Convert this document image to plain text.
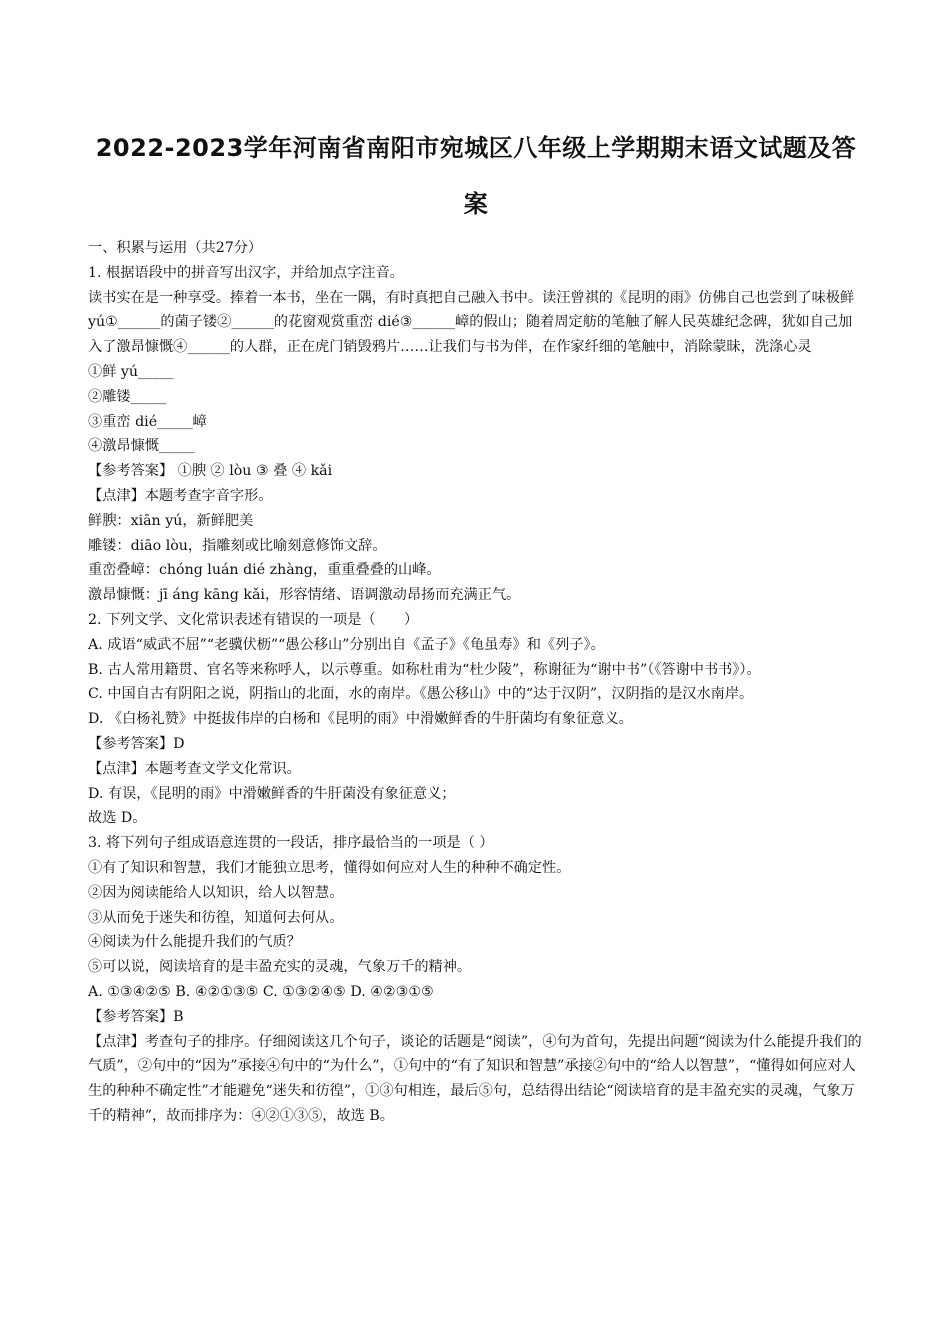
2022-2023学年河南省南阳市宛城区八年级上学期期末语文试题及答案

一、积累与运用（共27分）

1. 根据语段中的拼音写出汉字，并给加点字注音。

读书实在是一种享受。捧着一本书，坐在一隅，有时真把自己融入书中。读汪曾祺的《昆明的雨》仿佛自己也尝到了味极鲜 yú①______的菌子镂②______的花窗观赏重峦 dié③______嶂的假山；随着周定舫的笔触了解人民英雄纪念碑，犹如自己加入了激昂慷慨④______的人群，正在虎门销毁鸦片……让我们与书为伴，在作家纤细的笔触中，消除蒙昧，洗涤心灵

①鲜 yú_____

②雕镂_____

③重峦 dié_____嶂

④激昂慷慨_____

【参考答案】 ①腴 ② lòu ③ 叠 ④ kǎi

【点津】本题考查字音字形。

鲜腴：xiān yú，新鲜肥美

雕镂：diāo lòu，指雕刻或比喻刻意修饰文辞。

重峦叠嶂：chóng luán dié zhàng，重重叠叠的山峰。

激昂慷慨：jī áng kāng kǎi，形容情绪、语调激动昂扬而充满正气。

2. 下列文学、文化常识表述有错误的一项是（　　）

A. 成语“威武不屈”“老骥伏枥”“愚公移山”分别出自《孟子》《龟虽寿》和《列子》。

B. 古人常用籍贯、官名等来称呼人，以示尊重。如称杜甫为“杜少陵”，称谢征为“谢中书”（《答谢中书书》）。

C. 中国自古有阴阳之说，阴指山的北面，水的南岸。《愚公移山》中的“达于汉阴”，汉阴指的是汉水南岸。

D. 《白杨礼赞》中挺拔伟岸的白杨和《昆明的雨》中滑嫩鲜香的牛肝菌均有象征意义。

【参考答案】D

【点津】本题考查文学文化常识。

D. 有误，《昆明的雨》中滑嫩鲜香的牛肝菌没有象征意义；

故选 D。

3. 将下列句子组成语意连贯的一段话，排序最恰当的一项是（ ）

①有了知识和智慧，我们才能独立思考，懂得如何应对人生的种种不确定性。

②因为阅读能给人以知识，给人以智慧。

③从而免于迷失和彷徨，知道何去何从。

④阅读为什么能提升我们的气质？

⑤可以说，阅读培育的是丰盈充实的灵魂，气象万千的精神。

A. ①③④②⑤ B. ④②①③⑤ C. ①③②④⑤ D. ④②③①⑤

【参考答案】B

【点津】考查句子的排序。仔细阅读这几个句子，谈论的话题是“阅读”，④句为首句，先提出问题“阅读为什么能提升我们的气质”，②句中的“因为”承接④句中的“为什么”，①句中的“有了知识和智慧”承接②句中的“给人以智慧”，“懂得如何应对人生的种种不确定性”才能避免“迷失和彷徨”，①③句相连，最后⑤句，总结得出结论“阅读培育的是丰盈充实的灵魂，气象万千的精神”，故而排序为：④②①③⑤，故选 B。
